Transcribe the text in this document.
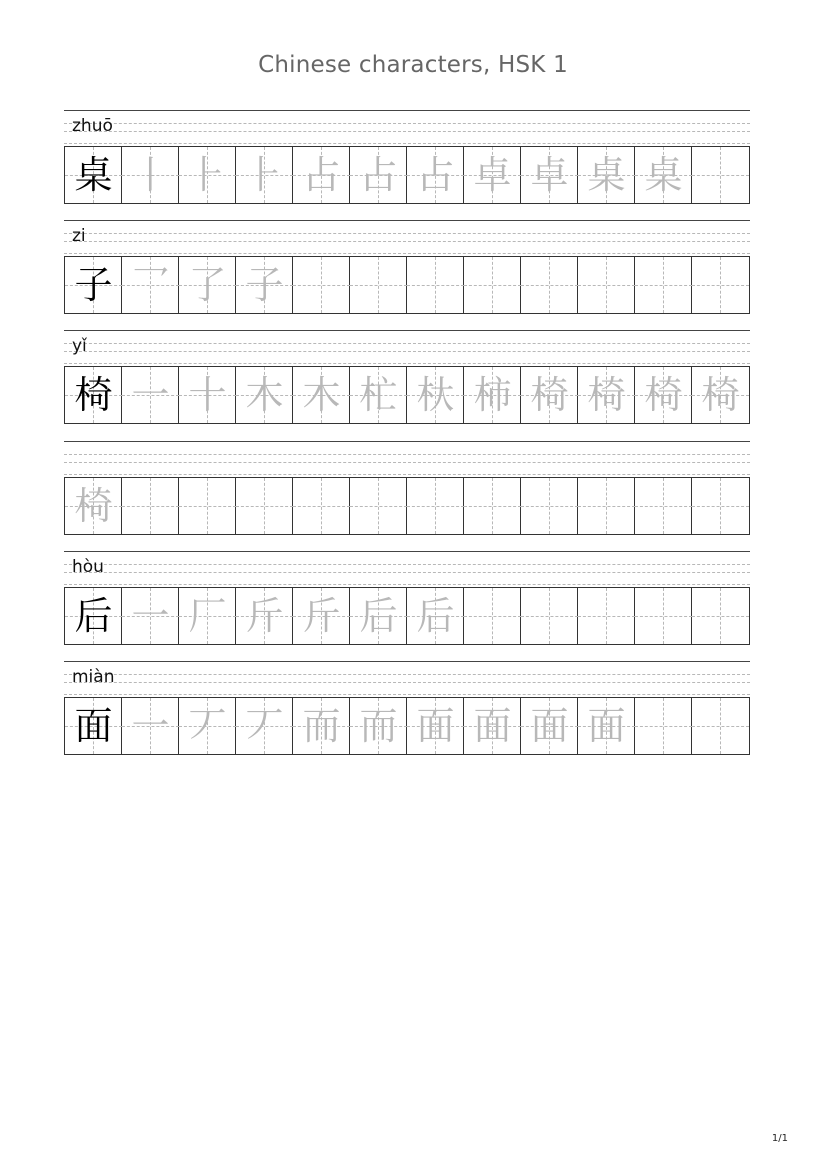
Chinese characters, HSK 1
zhuō
桌 丨 ⺊ ⺊ 占 占 占 卓 卓 桌 桌
zi
子 乛 了 子
yǐ
椅 一 十 木 木 杧 杕 柿 椅 椅 椅 椅
椅
hòu
后 一 厂 斤 斤 后 后
miàn
面 一 丆 丆 而 而 面 面 面 面
1/1
